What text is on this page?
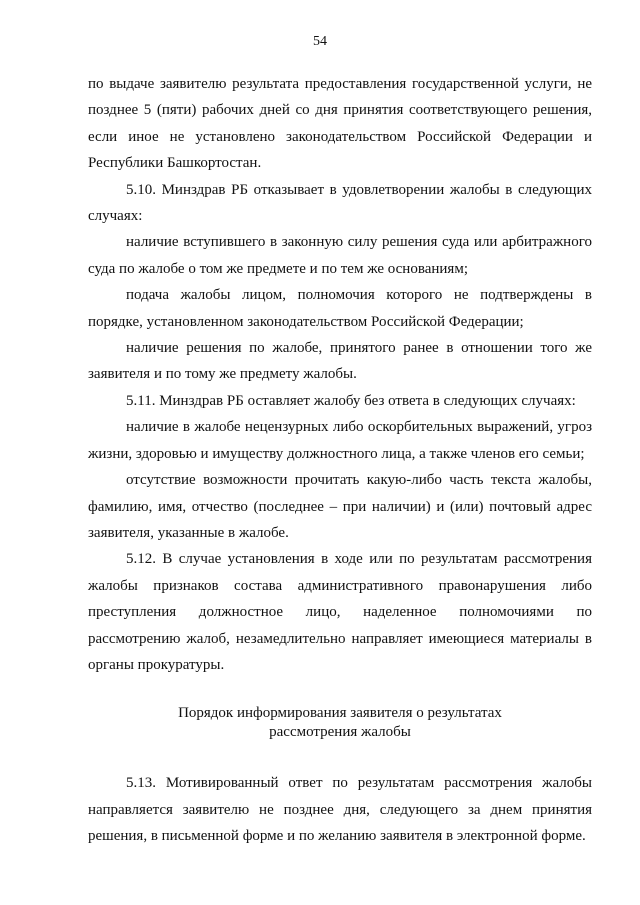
54

по выдаче заявителю результата предоставления государственной услуги, не позднее 5 (пяти) рабочих дней со дня принятия соответствующего решения, если иное не установлено законодательством Российской Федерации и Республики Башкортостан.

5.10. Минздрав РБ отказывает в удовлетворении жалобы в следующих случаях:

наличие вступившего в законную силу решения суда или арбитражного суда по жалобе о том же предмете и по тем же основаниям;

подача жалобы лицом, полномочия которого не подтверждены в порядке, установленном законодательством Российской Федерации;

наличие решения по жалобе, принятого ранее в отношении того же заявителя и по тому же предмету жалобы.

5.11. Минздрав РБ оставляет жалобу без ответа в следующих случаях:

наличие в жалобе нецензурных либо оскорбительных выражений, угроз жизни, здоровью и имуществу должностного лица, а также членов его семьи;

отсутствие возможности прочитать какую-либо часть текста жалобы, фамилию, имя, отчество (последнее – при наличии) и (или) почтовый адрес заявителя, указанные в жалобе.

5.12. В случае установления в ходе или по результатам рассмотрения жалобы признаков состава административного правонарушения либо преступления должностное лицо, наделенное полномочиями по рассмотрению жалоб, незамедлительно направляет имеющиеся материалы в органы прокуратуры.

Порядок информирования заявителя о результатах
рассмотрения жалобы

5.13. Мотивированный ответ по результатам рассмотрения жалобы направляется заявителю не позднее дня, следующего за днем принятия решения, в письменной форме и по желанию заявителя в электронной форме.
